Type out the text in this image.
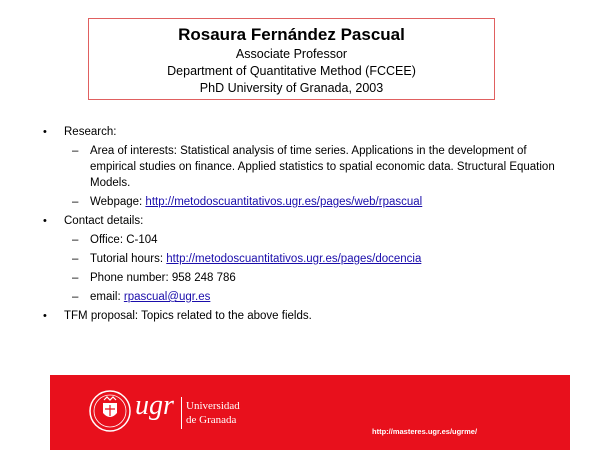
Rosaura Fernández Pascual
Associate Professor
Department of Quantitative Method (FCCEE)
PhD University of Granada, 2003
• Research:
– Area of interests: Statistical analysis of time series. Applications in the development of empirical studies on finance. Applied statistics to spatial economic data. Structural Equation Models.
– Webpage: http://metodoscuantitativos.ugr.es/pages/web/rpascual
• Contact details:
– Office: C-104
– Tutorial hours: http://metodoscuantitativos.ugr.es/pages/docencia
– Phone number: 958 248 786
– email: rpascual@ugr.es
• TFM proposal: Topics related to the above fields.
ugr Universidad
de Granada
http://masteres.ugr.es/ugrme/
